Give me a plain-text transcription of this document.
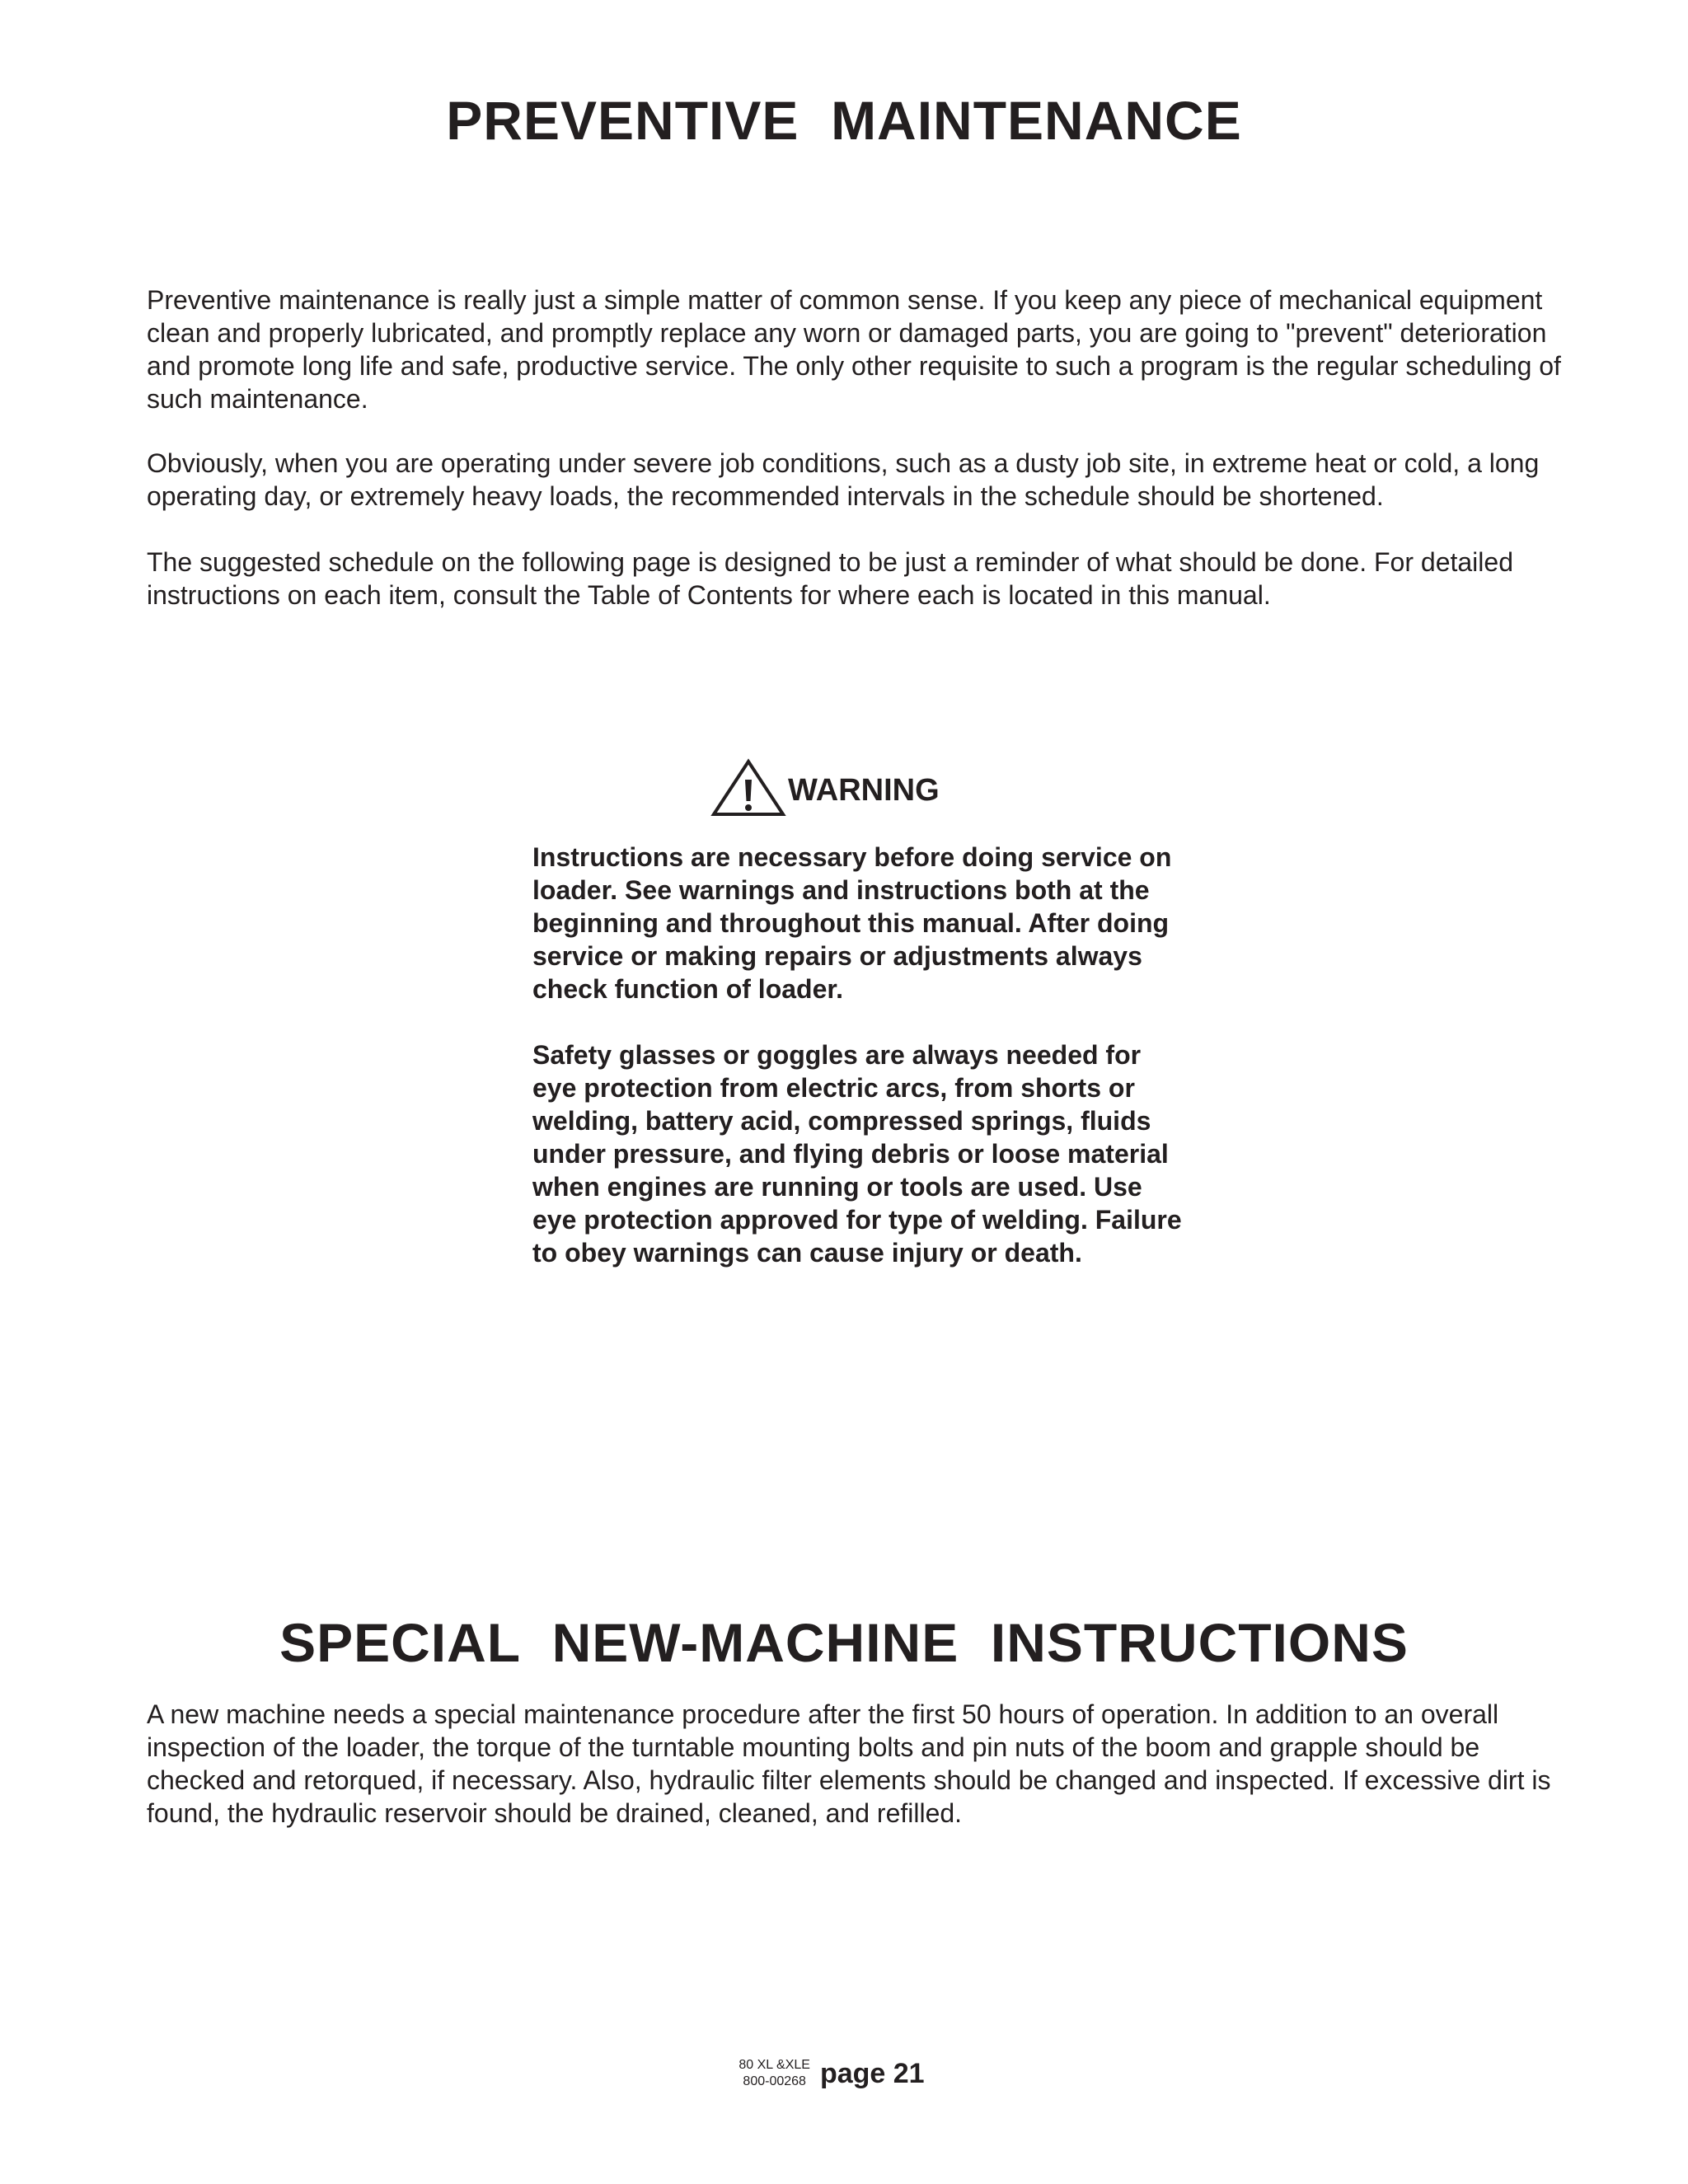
PREVENTIVE  MAINTENANCE

Preventive maintenance is really just a simple matter of common sense. If you keep any piece of mechanical equipment clean and properly lubricated, and promptly replace any worn or damaged parts, you are going to "prevent" deterioration and promote long life and safe, productive service. The only other requisite to such a program is the regular scheduling of such maintenance.

Obviously, when you are operating under severe job conditions, such as a dusty job site, in extreme heat or cold, a long operating day, or extremely heavy loads, the recommended intervals in the schedule should be shortened.

The suggested schedule on the following page is designed to be just a reminder of what should be done. For detailed instructions on each item, consult the Table of Contents for where each is located in this manual.

WARNING

Instructions are necessary before doing service on loader. See warnings and instructions both at the beginning and throughout this manual. After doing service or making repairs or adjustments always check function of loader.

Safety glasses or goggles are always needed for eye protection from electric arcs, from shorts or welding, battery acid, compressed springs, fluids under pressure, and flying debris or loose material when engines are running or tools are used. Use eye protection approved for type of welding. Failure to obey warnings can cause injury or death.

SPECIAL  NEW-MACHINE  INSTRUCTIONS

A new machine needs a special maintenance procedure after the first 50 hours of operation. In addition to an overall inspection of the loader, the torque of the turntable mounting bolts and pin nuts of the boom and grapple should be checked and retorqued, if necessary. Also, hydraulic filter elements should be changed and inspected. If excessive dirt is found, the hydraulic reservoir should be drained, cleaned, and refilled.

80 XL &XLE
800-00268 page 21
